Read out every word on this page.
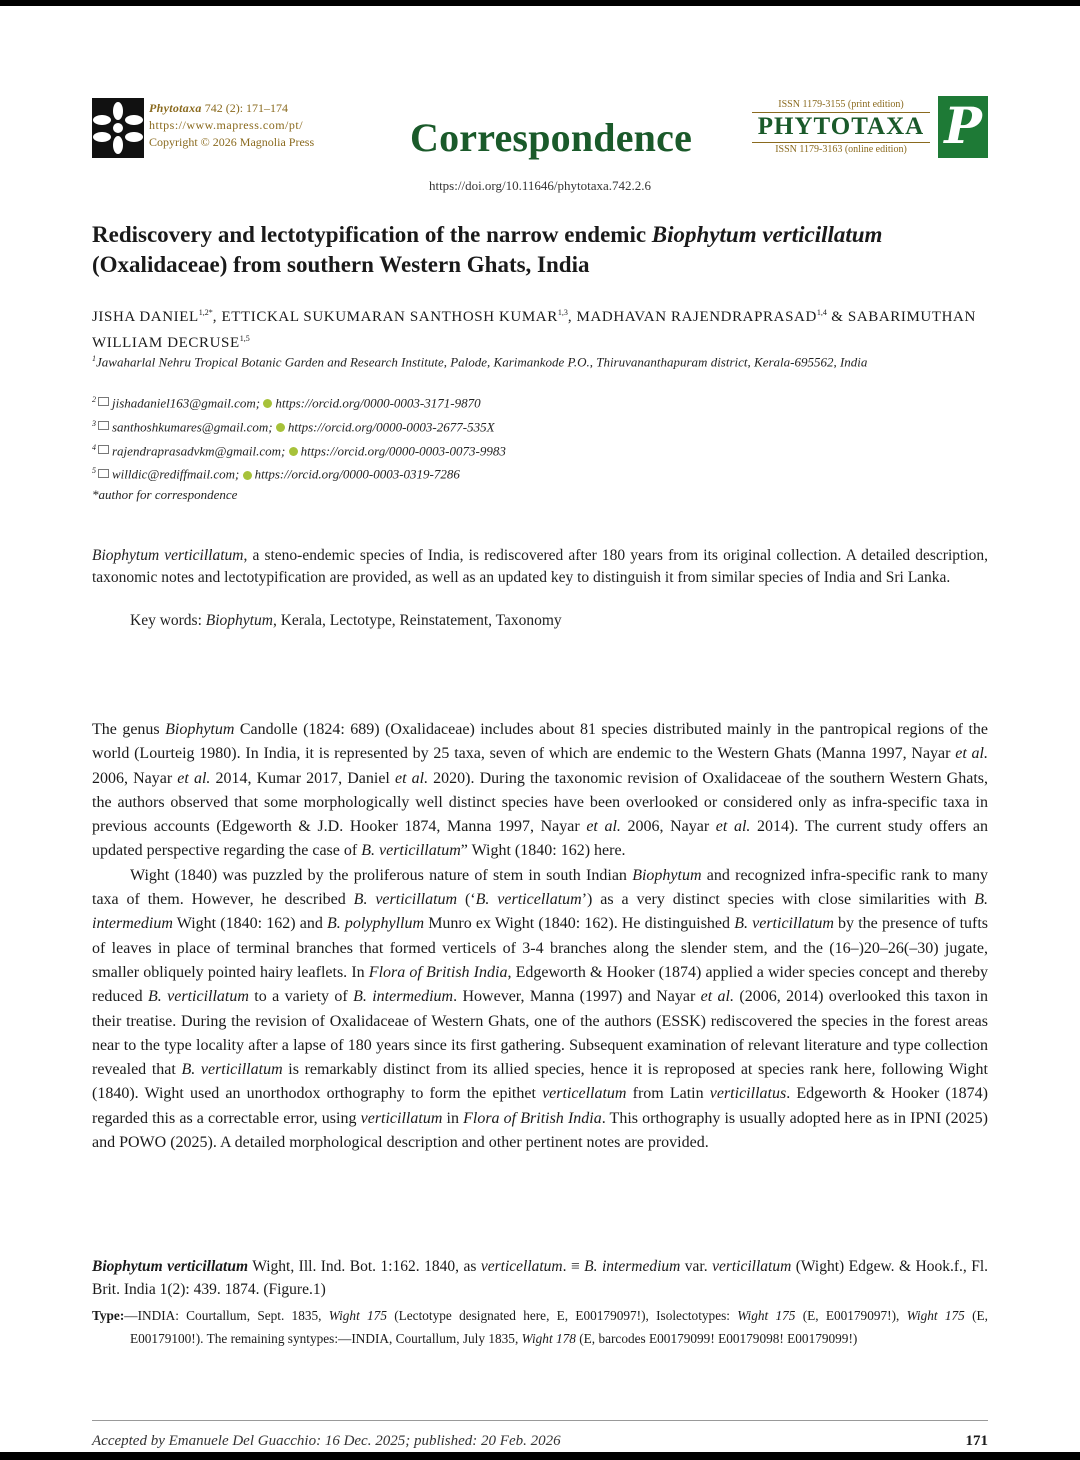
Phytotaxa 742 (2): 171–174
https://www.mapress.com/pt/
Copyright © 2026 Magnolia Press Correspondence
ISSN 1179-3155 (print edition)
PHYTOTAXA
ISSN 1179-3163 (online edition) P
https://doi.org/10.11646/phytotaxa.742.2.6
Rediscovery and lectotypification of the narrow endemic Biophytum verticillatum
(Oxalidaceae) from southern Western Ghats, India
JISHA $DANIEL^{1,2*}$, ETTICKAL SUKUMARAN SANTHOSH KUMAR$^{1,3}$, MADHAVAN RAJENDRAPRASAD$^{1,4}$ & SABARIMUTHAN WILLIAM DECRUSE$^{1,5}$
$^1$Jawaharlal Nehru Tropical Botanic Garden and Research Institute, Palode, Karimankode P.O., Thiruvananthapuram district, Kerala-695562, India
$^2$ jishadaniel163@gmail.com; https://orcid.org/0000-0003-3171-9870
$^3$ santhoshkumares@gmail.com; https://orcid.org/0000-0003-2677-535X
$^4$ rajendraprasadvkm@gmail.com; https://orcid.org/0000-0003-0073-9983
$^5$ willdic@rediffmail.com; https://orcid.org/0000-0003-0319-7286
*author for correspondence
Biophytum verticillatum, a steno-endemic species of India, is rediscovered after 180 years from its original collection. A detailed description, taxonomic notes and lectotypification are provided, as well as an updated key to distinguish it from similar species of India and Sri Lanka.
Key words: Biophytum, Kerala, Lectotype, Reinstatement, Taxonomy

The genus Biophytum Candolle (1824: 689) (Oxalidaceae) includes about 81 species distributed mainly in the pantropical regions of the world (Lourteig 1980). In India, it is represented by 25 taxa, seven of which are endemic to the Western Ghats (Manna 1997, Nayar et al. 2006, Nayar et al. 2014, Kumar 2017, Daniel et al. 2020). During the taxonomic revision of Oxalidaceae of the southern Western Ghats, the authors observed that some morphologically well distinct species have been overlooked or considered only as infra-specific taxa in previous accounts (Edgeworth & J.D. Hooker 1874, Manna 1997, Nayar et al. 2006, Nayar et al. 2014). The current study offers an updated perspective regarding the case of B. verticillatum” Wight (1840: 162) here.

Wight (1840) was puzzled by the proliferous nature of stem in south Indian Biophytum and recognized infra-specific rank to many taxa of them. However, he described B. verticillatum (‘B. verticellatum’) as a very distinct species with close similarities with B. intermedium Wight (1840: 162) and B. polyphyllum Munro ex Wight (1840: 162). He distinguished B. verticillatum by the presence of tufts of leaves in place of terminal branches that formed verticels of 3-4 branches along the slender stem, and the (16–)20–26(–30) jugate, smaller obliquely pointed hairy leaflets. In Flora of British India, Edgeworth & Hooker (1874) applied a wider species concept and thereby reduced B. verticillatum to a variety of B. intermedium. However, Manna (1997) and Nayar et al. (2006, 2014) overlooked this taxon in their treatise. During the revision of Oxalidaceae of Western Ghats, one of the authors (ESSK) rediscovered the species in the forest areas near to the type locality after a lapse of 180 years since its first gathering. Subsequent examination of relevant literature and type collection revealed that B. verticillatum is remarkably distinct from its allied species, hence it is reproposed at species rank here, following Wight (1840). Wight used an unorthodox orthography to form the epithet verticellatum from Latin verticillatus. Edgeworth & Hooker (1874) regarded this as a correctable error, using verticillatum in Flora of British India. This orthography is usually adopted here as in IPNI (2025) and POWO (2025). A detailed morphological description and other pertinent notes are provided.

Biophytum verticillatum Wight, Ill. Ind. Bot. 1:162. 1840, as verticellatum. ≡ B. intermedium var. verticillatum (Wight) Edgew. & Hook.f., Fl. Brit. India 1(2): 439. 1874. (Figure.1)
Type:—INDIA: Courtallum, Sept. 1835, Wight 175 (Lectotype designated here, E, E00179097!), Isolectotypes: Wight 175 (E, E00179097!), Wight 175 (E, E00179100!). The remaining syntypes:—INDIA, Courtallum, July 1835, Wight 178 (E, barcodes E00179099! E00179098! E00179099!)
Accepted by Emanuele Del Guacchio: 16 Dec. 2025; published: 20 Feb. 2026	171
